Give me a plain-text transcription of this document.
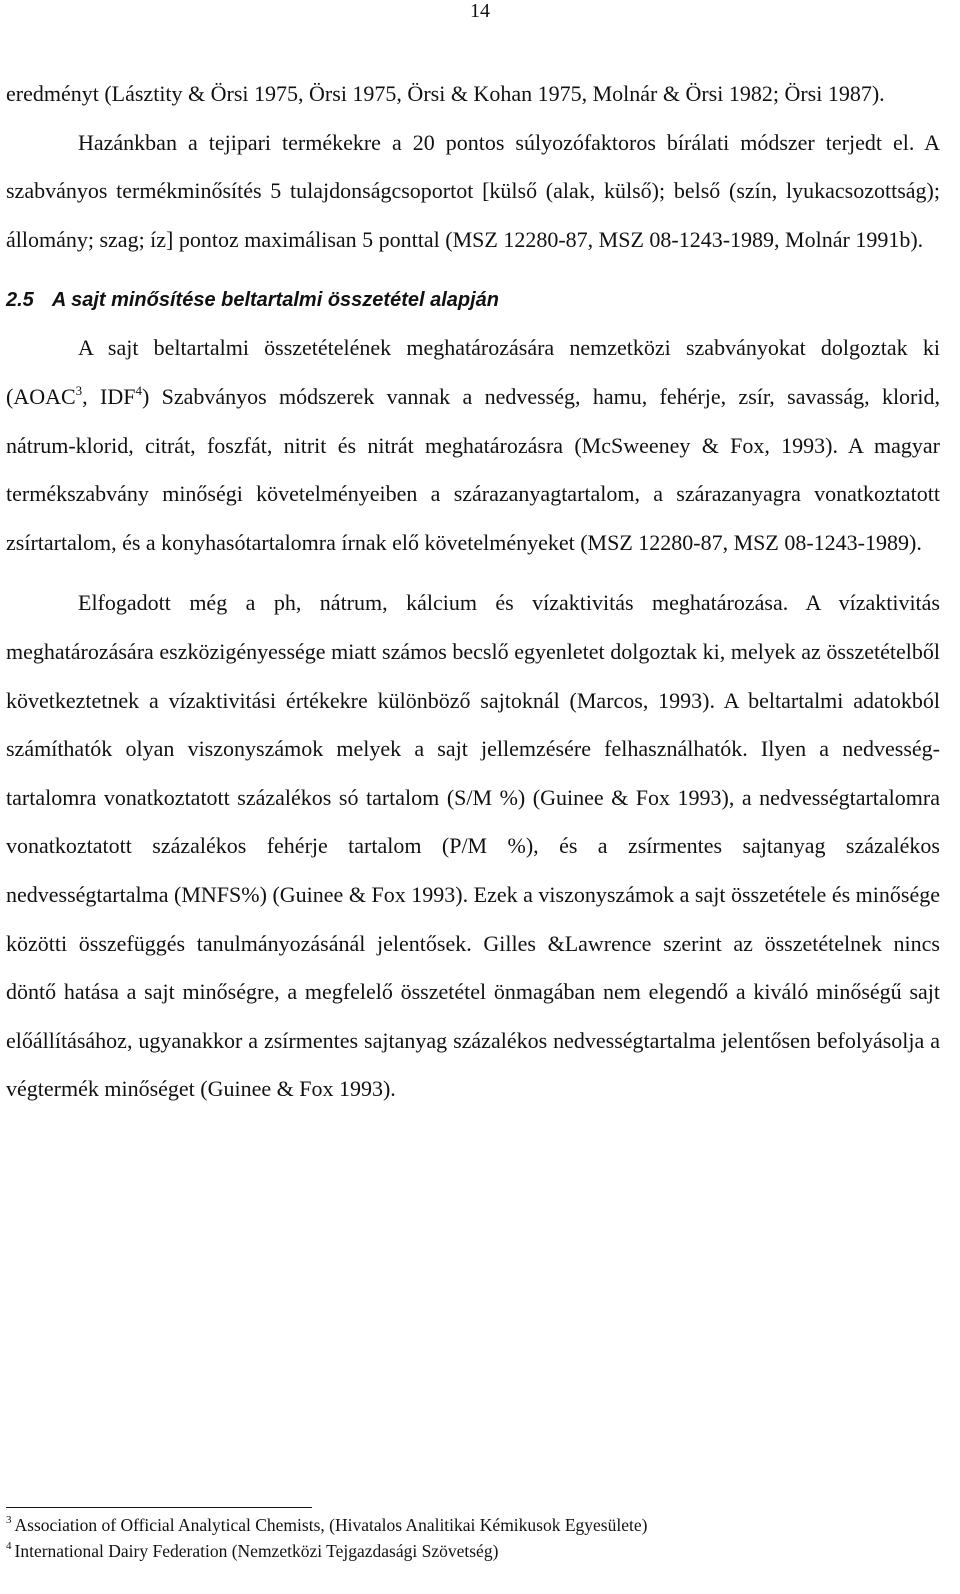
14

eredményt (Lásztity & Örsi 1975, Örsi 1975, Örsi & Kohan 1975, Molnár & Örsi 1982; Örsi 1987).

Hazánkban a tejipari termékekre a 20 pontos súlyozófaktoros bírálati módszer terjedt el. A szabványos termékminősítés 5 tulajdonságcsoportot [külső (alak, külső); belső (szín, lyukacsozottság); állomány; szag; íz] pontoz maximálisan 5 ponttal (MSZ 12280-87, MSZ 08-1243-1989, Molnár 1991b).

2.5 A sajt minősítése beltartalmi összetétel alapján

A sajt beltartalmi összetételének meghatározására nemzetközi szabványokat dolgoztak ki (AOAC$^3$, IDF$^4$) Szabványos módszerek vannak a nedvesség, hamu, fehérje, zsír, savasság, klorid, nátrum-klorid, citrát, foszfát, nitrit és nitrát meghatározásra (McSweeney & Fox, 1993). A magyar termékszabvány minőségi követelményeiben a szárazanyagtartalom, a szárazanyagra vonatkoztatott zsírtartalom, és a konyhasótartalomra írnak elő követelményeket (MSZ 12280-87, MSZ 08-1243-1989).

Elfogadott még a ph, nátrum, kálcium és vízaktivitás meghatározása. A vízaktivitás meghatározására eszközigényessége miatt számos becslő egyenletet dolgoztak ki, melyek az összetételből következtetnek a vízaktivitási értékekre különböző sajtoknál (Marcos, 1993). A beltartalmi adatokból számíthatók olyan viszonyszámok melyek a sajt jellemzésére felhasználhatók. Ilyen a nedvesség-tartalomra vonatkoztatott százalékos só tartalom (S/M %) (Guinee & Fox 1993), a nedvességtartalomra vonatkoztatott százalékos fehérje tartalom (P/M %), és a zsírmentes sajtanyag százalékos nedvességtartalma (MNFS%) (Guinee & Fox 1993). Ezek a viszonyszámok a sajt összetétele és minősége közötti összefüggés tanulmányozásánál jelentősek. Gilles &Lawrence szerint az összetételnek nincs döntő hatása a sajt minőségre, a megfelelő összetétel önmagában nem elegendő a kiváló minőségű sajt előállításához, ugyanakkor a zsírmentes sajtanyag százalékos nedvességtartalma jelentősen befolyásolja a végtermék minőséget (Guinee & Fox 1993).

$^3$ Association of Official Analytical Chemists, (Hivatalos Analitikai Kémikusok Egyesülete)
$^4$ International Dairy Federation (Nemzetközi Tejgazdasági Szövetség)
